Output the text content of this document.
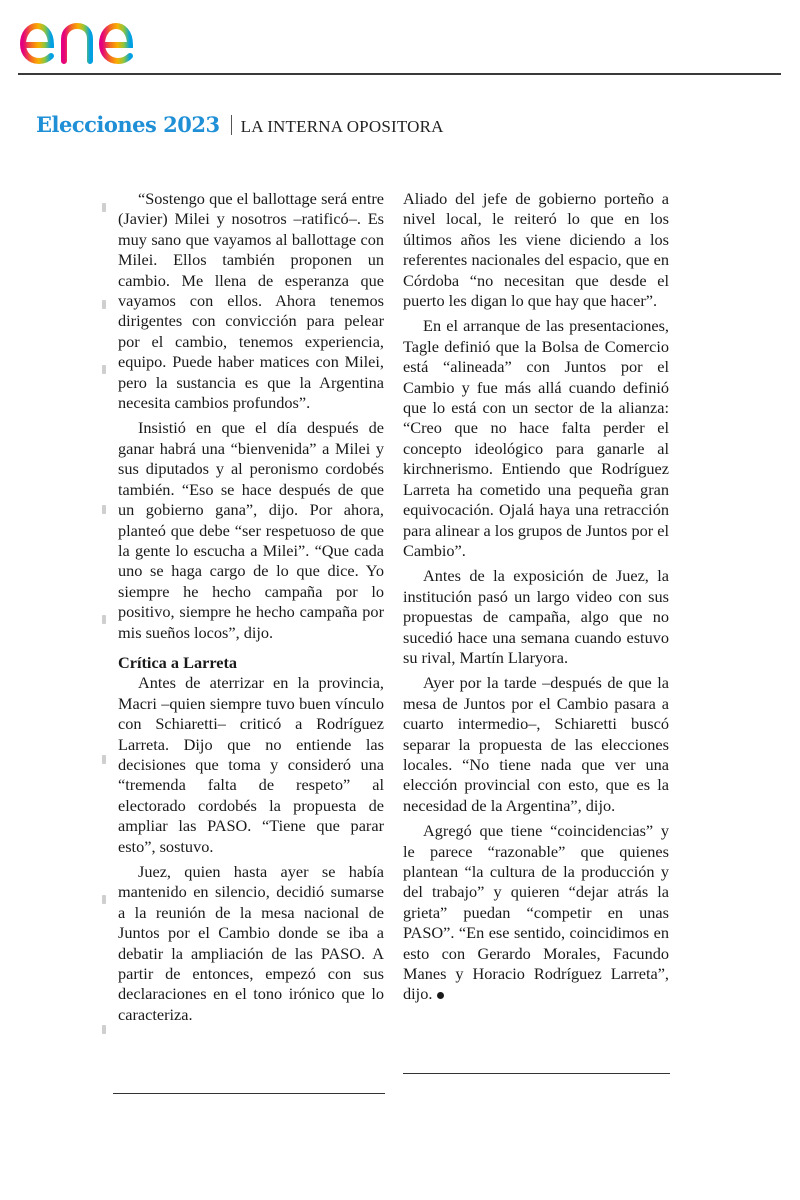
Elecciones 2023 LA INTERNA OPOSITORA

“Sostengo que el ballottage será entre (Javier) Milei y nosotros –ratificó–. Es muy sano que vayamos al ballottage con Milei. Ellos también proponen un cambio. Me llena de esperanza que vayamos con ellos. Ahora tenemos dirigentes con convicción para pelear por el cambio, tenemos experiencia, equipo. Puede haber matices con Milei, pero la sustancia es que la Argentina necesita cambios profundos”.

Insistió en que el día después de ganar habrá una “bienvenida” a Milei y sus diputados y al peronismo cordobés también. “Eso se hace después de que un gobierno gana”, dijo. Por ahora, planteó que debe “ser respetuoso de que la gente lo escucha a Milei”. “Que cada uno se haga cargo de lo que dice. Yo siempre he hecho campaña por lo positivo, siempre he hecho campaña por mis sueños locos”, dijo.

Crítica a Larreta

Antes de aterrizar en la provincia, Macri –quien siempre tuvo buen vínculo con Schiaretti– criticó a Rodríguez Larreta. Dijo que no entiende las decisiones que toma y consideró una “tremenda falta de respeto” al electorado cordobés la propuesta de ampliar las PASO. “Tiene que parar esto”, sostuvo.

Juez, quien hasta ayer se había mantenido en silencio, decidió sumarse a la reunión de la mesa nacional de Juntos por el Cambio donde se iba a debatir la ampliación de las PASO. A partir de entonces, empezó con sus declaraciones en el tono irónico que lo caracteriza.

Aliado del jefe de gobierno porteño a nivel local, le reiteró lo que en los últimos años les viene diciendo a los referentes nacionales del espacio, que en Córdoba “no necesitan que desde el puerto les digan lo que hay que hacer”.

En el arranque de las presentaciones, Tagle definió que la Bolsa de Comercio está “alineada” con Juntos por el Cambio y fue más allá cuando definió que lo está con un sector de la alianza: “Creo que no hace falta perder el concepto ideológico para ganarle al kirchnerismo. Entiendo que Rodríguez Larreta ha cometido una pequeña gran equivocación. Ojalá haya una retracción para alinear a los grupos de Juntos por el Cambio”.

Antes de la exposición de Juez, la institución pasó un largo video con sus propuestas de campaña, algo que no sucedió hace una semana cuando estuvo su rival, Martín Llaryora.

Ayer por la tarde –después de que la mesa de Juntos por el Cambio pasara a cuarto intermedio–, Schiaretti buscó separar la propuesta de las elecciones locales. “No tiene nada que ver una elección provincial con esto, que es la necesidad de la Argentina”, dijo.

Agregó que tiene “coincidencias” y le parece “razonable” que quienes plantean “la cultura de la producción y del trabajo” y quieren “dejar atrás la grieta” puedan “competir en unas PASO”. “En ese sentido, coincidimos en esto con Gerardo Morales, Facundo Manes y Horacio Rodríguez Larreta”, dijo.
